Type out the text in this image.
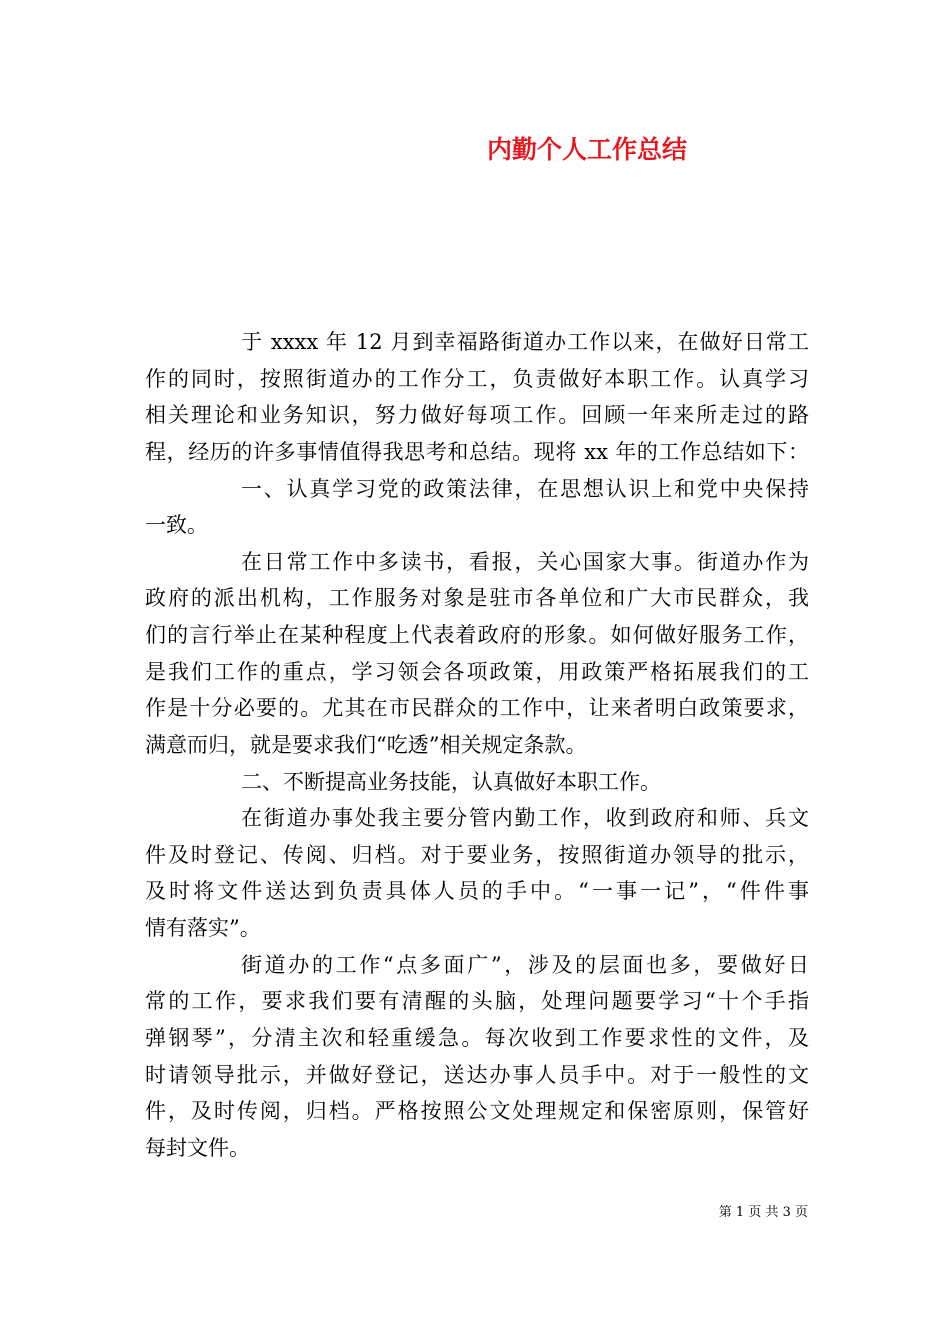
内勤个人工作总结

于 xxxx 年 12 月到幸福路街道办工作以来，在做好日常工
作的同时，按照街道办的工作分工，负责做好本职工作。认真学习
相关理论和业务知识，努力做好每项工作。回顾一年来所走过的路
程，经历的许多事情值得我思考和总结。现将 xx 年的工作总结如下：

一、认真学习党的政策法律，在思想认识上和党中央保持
一致。

在日常工作中多读书，看报，关心国家大事。街道办作为
政府的派出机构，工作服务对象是驻市各单位和广大市民群众，我
们的言行举止在某种程度上代表着政府的形象。如何做好服务工作，
是我们工作的重点，学习领会各项政策，用政策严格拓展我们的工
作是十分必要的。尤其在市民群众的工作中，让来者明白政策要求，
满意而归，就是要求我们“吃透”相关规定条款。

二、不断提高业务技能，认真做好本职工作。

在街道办事处我主要分管内勤工作，收到政府和师、兵文
件及时登记、传阅、归档。对于要业务，按照街道办领导的批示，
及时将文件送达到负责具体人员的手中。“一事一记”，“件件事
情有落实”。

街道办的工作“点多面广”，涉及的层面也多，要做好日
常的工作，要求我们要有清醒的头脑，处理问题要学习“十个手指
弹钢琴”，分清主次和轻重缓急。每次收到工作要求性的文件，及
时请领导批示，并做好登记，送达办事人员手中。对于一般性的文
件，及时传阅，归档。严格按照公文处理规定和保密原则，保管好
每封文件。

第 1 页 共 3 页
